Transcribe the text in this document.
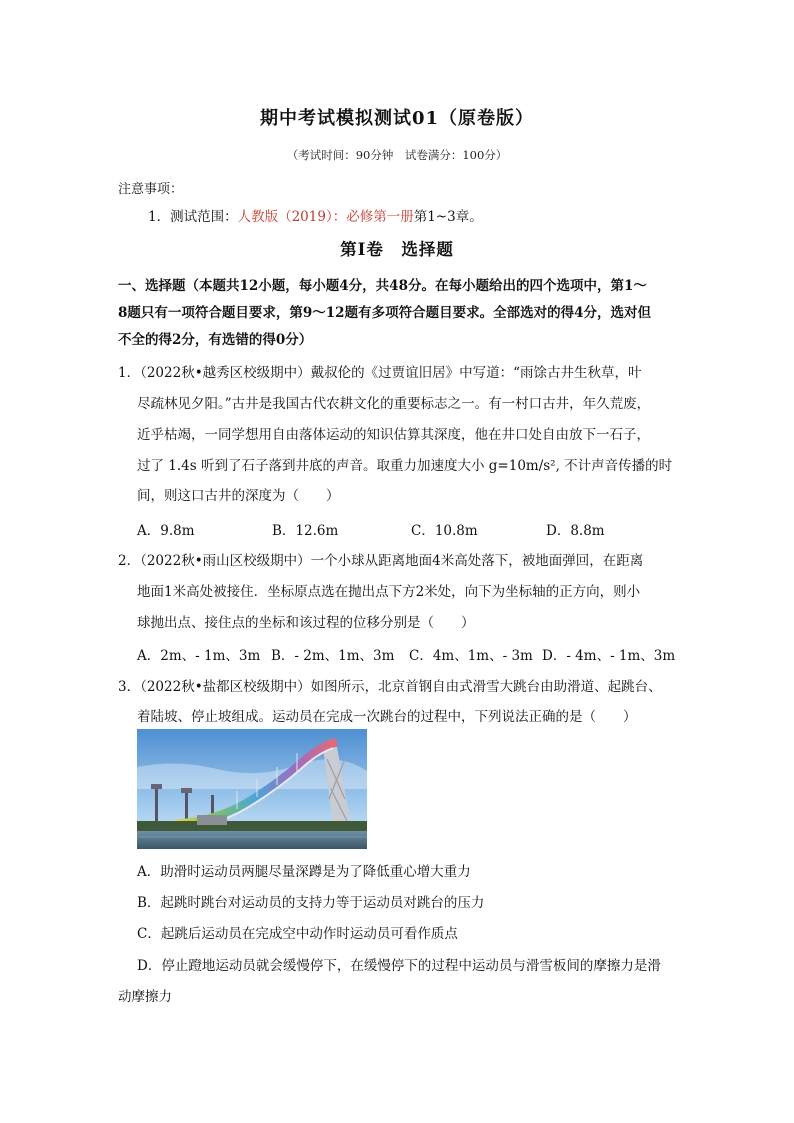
期中考试模拟测试01（原卷版）
（考试时间：90分钟　试卷满分：100分）
注意事项：
1．测试范围：人教版（2019）：必修第一册第1~3章。
第Ⅰ卷　选择题
一、选择题（本题共12小题，每小题4分，共48分。在每小题给出的四个选项中，第1～
8题只有一项符合题目要求，第9～12题有多项符合题目要求。全部选对的得4分，选对但
不全的得2分，有选错的得0分）
1．（2022秋•越秀区校级期中）戴叔伦的《过贾谊旧居》中写道：“雨馀古井生秋草，叶
尽疏林见夕阳。”古井是我国古代农耕文化的重要标志之一。有一村口古井，年久荒废，
近乎枯竭，一同学想用自由落体运动的知识估算其深度，他在井口处自由放下一石子，
过了 1.4s 听到了石子落到井底的声音。取重力加速度大小 g=10m/s², 不计声音传播的时
间，则这口古井的深度为（　　）
A．9.8m	B．12.6m	C．10.8m	D．8.8m
2．（2022秋•雨山区校级期中）一个小球从距离地面4米高处落下，被地面弹回，在距离
地面1米高处被接住．坐标原点选在抛出点下方2米处，向下为坐标轴的正方向，则小
球抛出点、接住点的坐标和该过程的位移分别是（　　）
A．2m、- 1m、3m B．- 2m、1m、3m C．4m、1m、- 3m D．- 4m、- 1m、3m
3．（2022秋•盐都区校级期中）如图所示，北京首钢自由式滑雪大跳台由助滑道、起跳台、
着陆坡、停止坡组成。运动员在完成一次跳台的过程中，下列说法正确的是（　　）
A．助滑时运动员两腿尽量深蹲是为了降低重心增大重力
B．起跳时跳台对运动员的支持力等于运动员对跳台的压力
C．起跳后运动员在完成空中动作时运动员可看作质点
D．停止蹬地运动员就会缓慢停下，在缓慢停下的过程中运动员与滑雪板间的摩擦力是滑
动摩擦力
